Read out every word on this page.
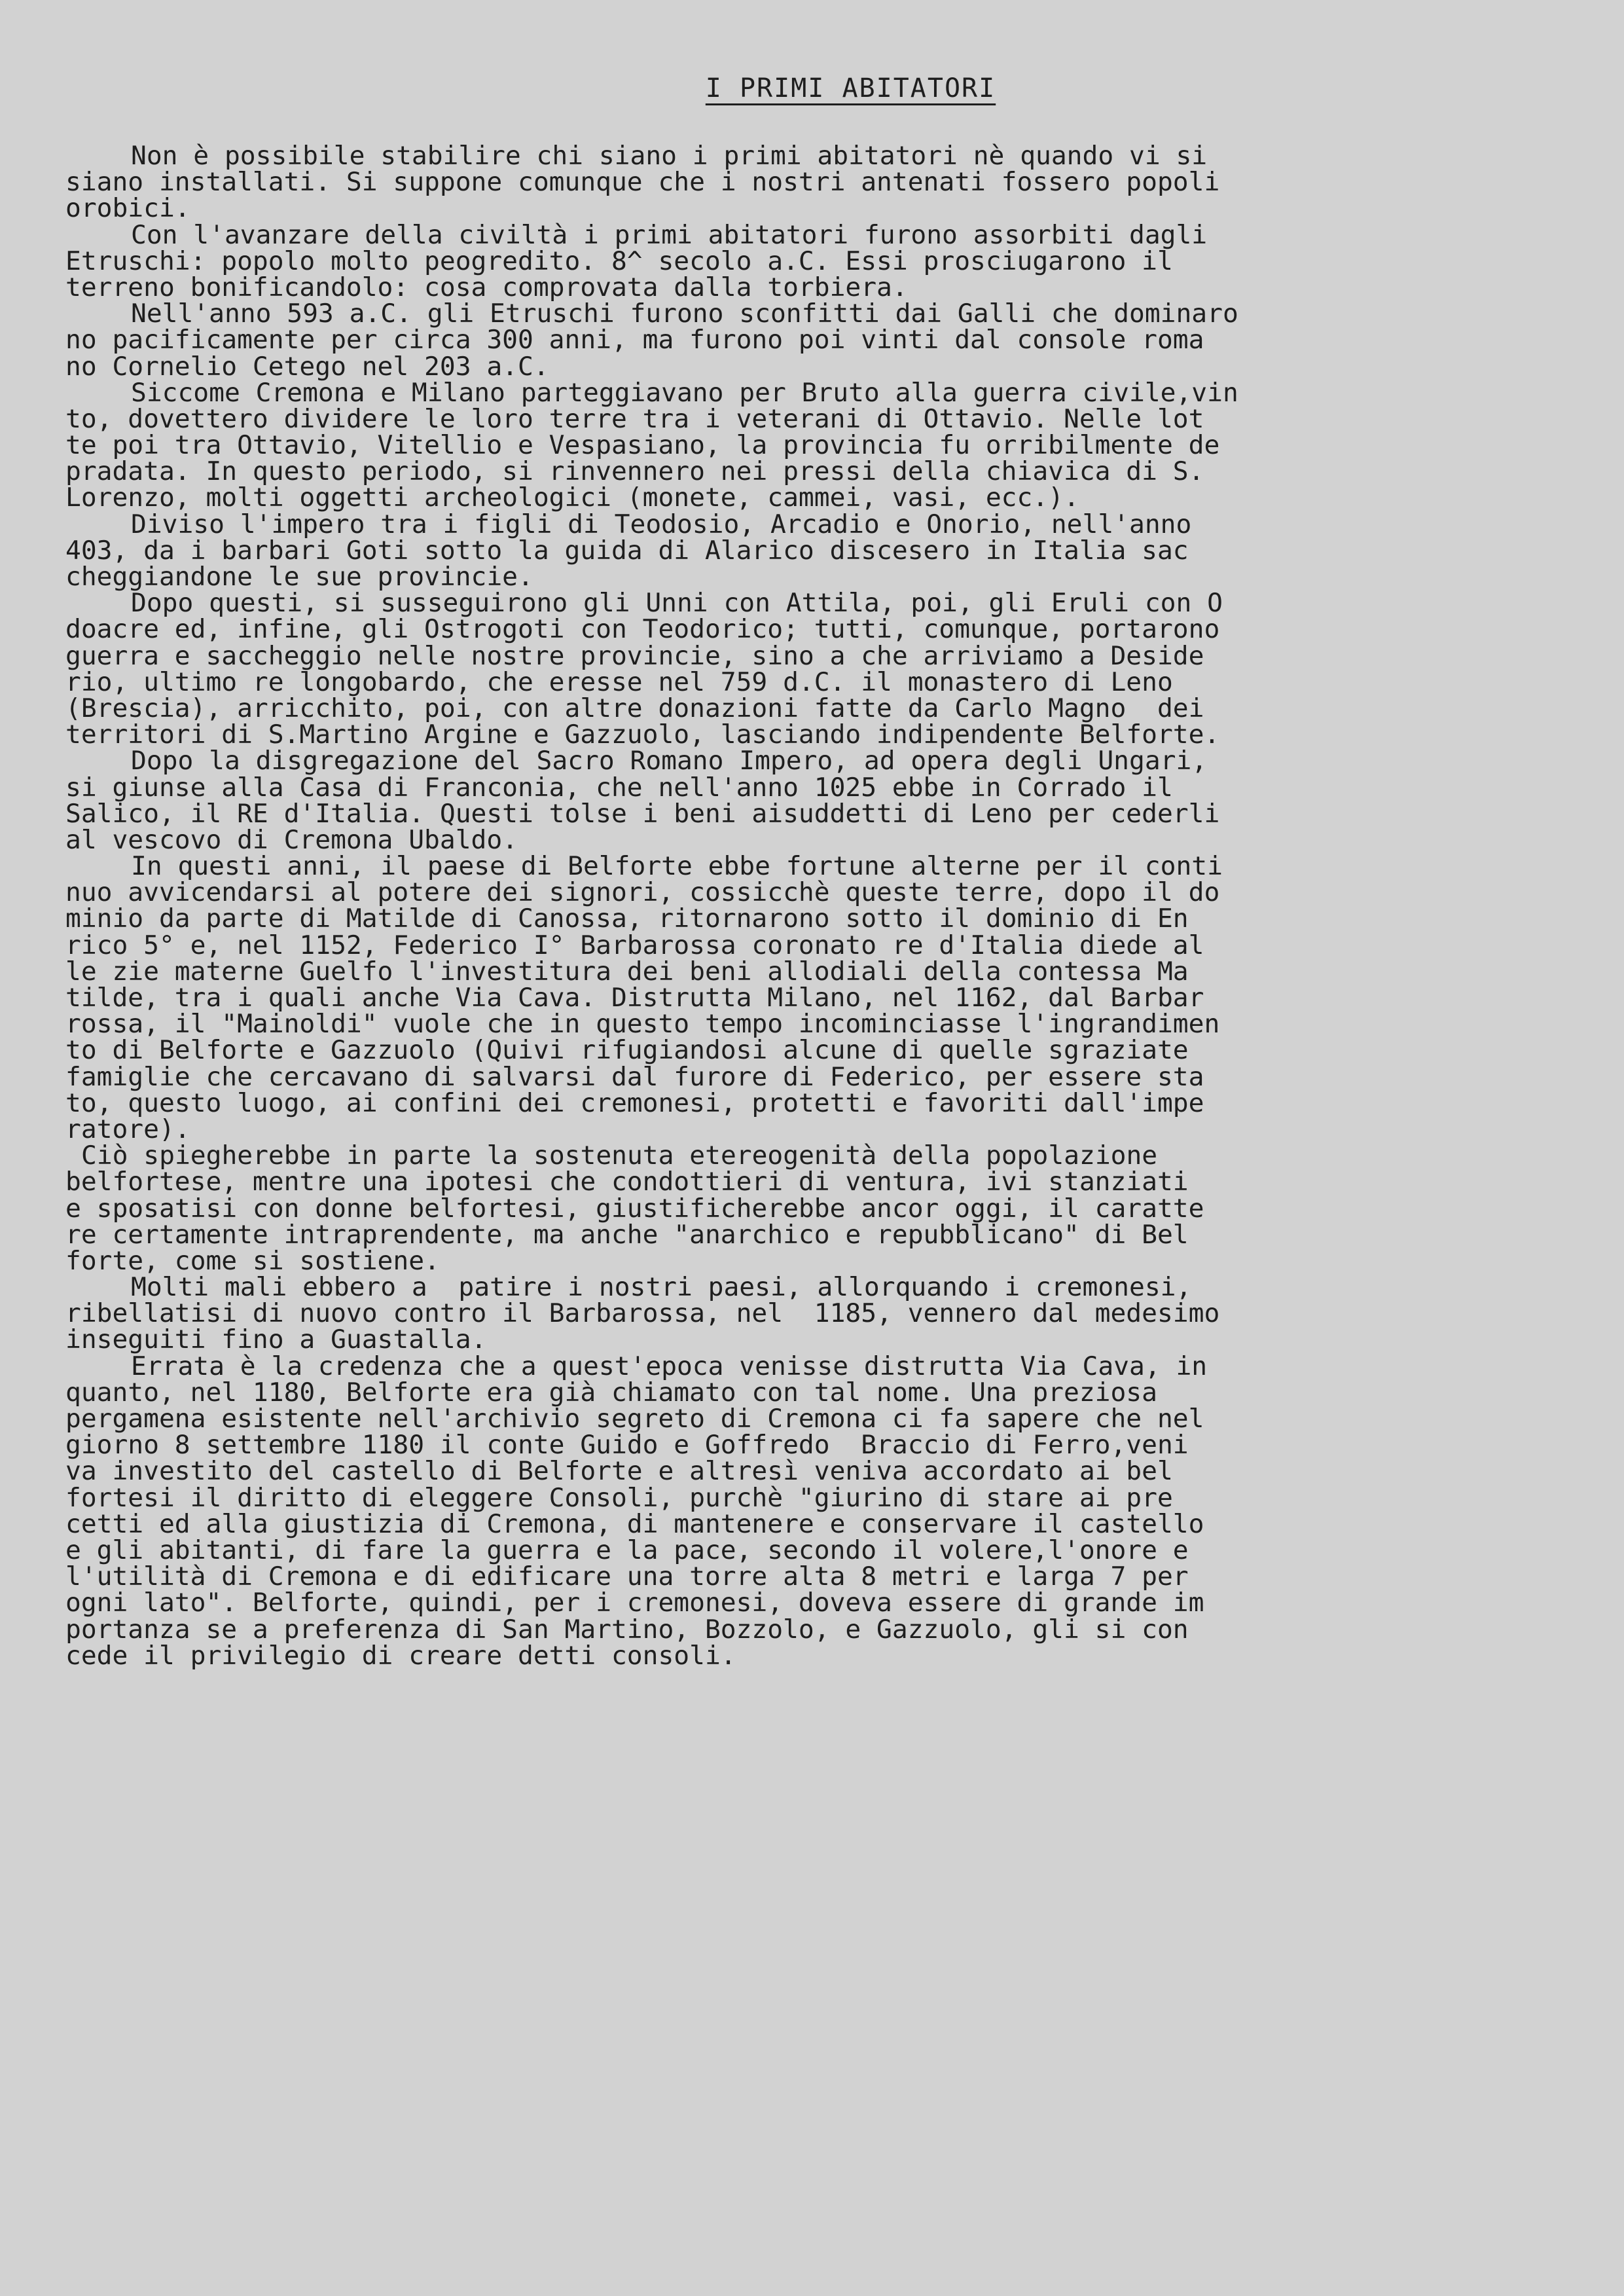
I PRIMI ABITATORI
Non è possibile stabilire chi siano i primi abitatori nè quando vi si
siano installati. Si suppone comunque che i nostri antenati fossero popoli
orobici.
Con l'avanzare della civiltà i primi abitatori furono assorbiti dagli
Etruschi: popolo molto peogredito. 8^ secolo a.C. Essi prosciugarono il
terreno bonificandolo: cosa comprovata dalla torbiera.
Nell'anno 593 a.C. gli Etruschi furono sconfitti dai Galli che dominaro
no pacificamente per circa 300 anni, ma furono poi vinti dal console roma
no Cornelio Cetego nel 203 a.C.
Siccome Cremona e Milano parteggiavano per Bruto alla guerra civile,vin
to, dovettero dividere le loro terre tra i veterani di Ottavio. Nelle lot
te poi tra Ottavio, Vitellio e Vespasiano, la provincia fu orribilmente de
pradata. In questo periodo, si rinvennero nei pressi della chiavica di S.
Lorenzo, molti oggetti archeologici (monete, cammei, vasi, ecc.).
Diviso l'impero tra i figli di Teodosio, Arcadio e Onorio, nell'anno
403, da i barbari Goti sotto la guida di Alarico discesero in Italia sac
cheggiandone le sue provincie.
Dopo questi, si susseguirono gli Unni con Attila, poi, gli Eruli con O
doacre ed, infine, gli Ostrogoti con Teodorico; tutti, comunque, portarono
guerra e saccheggio nelle nostre provincie, sino a che arriviamo a Deside
rio, ultimo re longobardo, che eresse nel 759 d.C. il monastero di Leno
(Brescia), arricchito, poi, con altre donazioni fatte da Carlo Magno  dei
territori di S.Martino Argine e Gazzuolo, lasciando indipendente Belforte.
Dopo la disgregazione del Sacro Romano Impero, ad opera degli Ungari,
si giunse alla Casa di Franconia, che nell'anno 1025 ebbe in Corrado il
Salico, il RE d'Italia. Questi tolse i beni aisuddetti di Leno per cederli
al vescovo di Cremona Ubaldo.
In questi anni, il paese di Belforte ebbe fortune alterne per il conti
nuo avvicendarsi al potere dei signori, cossicchè queste terre, dopo il do
minio da parte di Matilde di Canossa, ritornarono sotto il dominio di En
rico 5° e, nel 1152, Federico I° Barbarossa coronato re d'Italia diede al
le zie materne Guelfo l'investitura dei beni allodiali della contessa Ma
tilde, tra i quali anche Via Cava. Distrutta Milano, nel 1162, dal Barbar
rossa, il "Mainoldi" vuole che in questo tempo incominciasse l'ingrandimen
to di Belforte e Gazzuolo (Quivi rifugiandosi alcune di quelle sgraziate
famiglie che cercavano di salvarsi dal furore di Federico, per essere sta
to, questo luogo, ai confini dei cremonesi, protetti e favoriti dall'impe
ratore).
Ciò spiegherebbe in parte la sostenuta etereogenità della popolazione
belfortese, mentre una ipotesi che condottieri di ventura, ivi stanziati
e sposatisi con donne belfortesi, giustificherebbe ancor oggi, il caratte
re certamente intraprendente, ma anche "anarchico e repubblicano" di Bel
forte, come si sostiene.
Molti mali ebbero a  patire i nostri paesi, allorquando i cremonesi,
ribellatisi di nuovo contro il Barbarossa, nel  1185, vennero dal medesimo
inseguiti fino a Guastalla.
Errata è la credenza che a quest'epoca venisse distrutta Via Cava, in
quanto, nel 1180, Belforte era già chiamato con tal nome. Una preziosa
pergamena esistente nell'archivio segreto di Cremona ci fa sapere che nel
giorno 8 settembre 1180 il conte Guido e Goffredo  Braccio di Ferro,veni
va investito del castello di Belforte e altresì veniva accordato ai bel
fortesi il diritto di eleggere Consoli, purchè "giurino di stare ai pre
cetti ed alla giustizia di Cremona, di mantenere e conservare il castello
e gli abitanti, di fare la guerra e la pace, secondo il volere,l'onore e
l'utilità di Cremona e di edificare una torre alta 8 metri e larga 7 per
ogni lato". Belforte, quindi, per i cremonesi, doveva essere di grande im
portanza se a preferenza di San Martino, Bozzolo, e Gazzuolo, gli si con
cede il privilegio di creare detti consoli.
